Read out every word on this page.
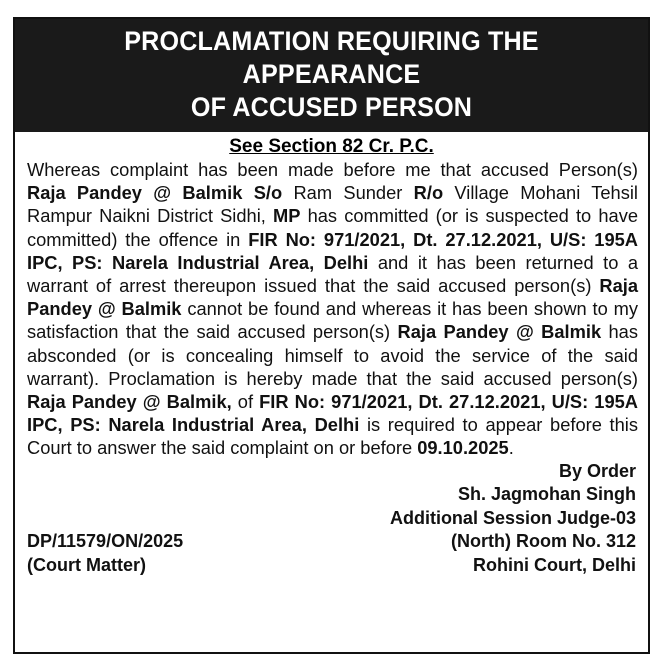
PROCLAMATION REQUIRING THE APPEARANCE
OF ACCUSED PERSON
See Section 82 Cr. P.C.
Whereas complaint has been made before me that accused Person(s) Raja Pandey @ Balmik S/o Ram Sunder R/o Village Mohani Tehsil Rampur Naikni District Sidhi, MP has committed (or is suspected to have committed) the offence in FIR No: 971/2021, Dt. 27.12.2021, U/S: 195A IPC, PS: Narela Industrial Area, Delhi and it has been returned to a warrant of arrest thereupon issued that the said accused person(s) Raja Pandey @ Balmik cannot be found and whereas it has been shown to my satisfaction that the said accused person(s) Raja Pandey @ Balmik has absconded (or is concealing himself to avoid the service of the said warrant). Proclamation is hereby made that the said accused person(s) Raja Pandey @ Balmik, of FIR No: 971/2021, Dt. 27.12.2021, U/S: 195A IPC, PS: Narela Industrial Area, Delhi is required to appear before this Court to answer the said complaint on or before 09.10.2025.
By Order
Sh. Jagmohan Singh
Additional Session Judge-03
(North) Room No. 312
Rohini Court, Delhi
DP/11579/ON/2025
(Court Matter)
